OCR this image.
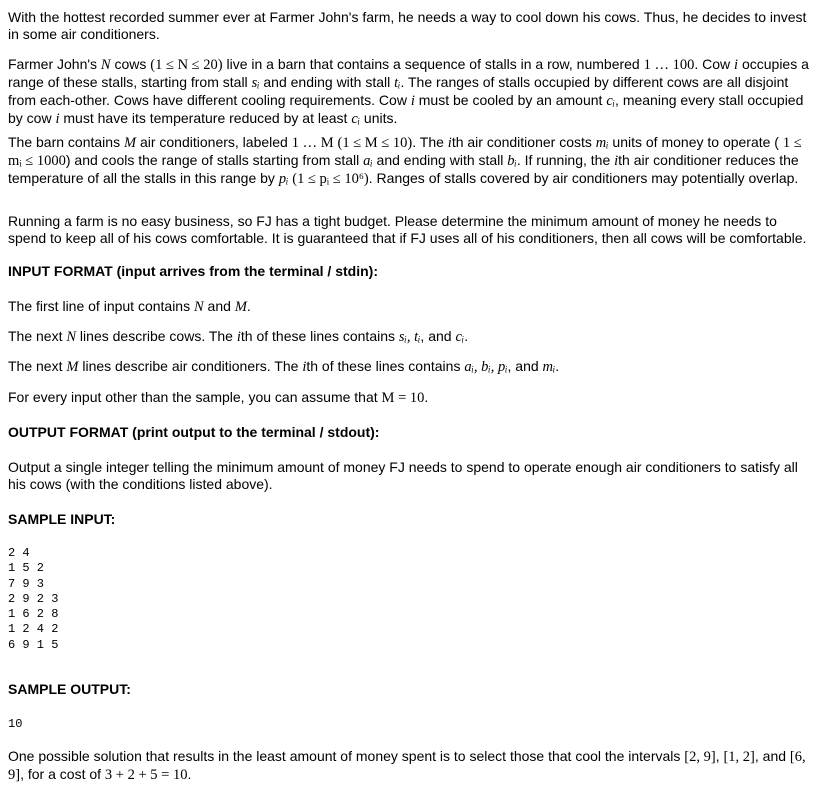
With the hottest recorded summer ever at Farmer John's farm, he needs a way to cool down his cows. Thus, he decides to invest in some air conditioners.

Farmer John's N cows (1 ≤ N ≤ 20) live in a barn that contains a sequence of stalls in a row, numbered 1 … 100. Cow i occupies a range of these stalls, starting from stall sᵢ and ending with stall tᵢ. The ranges of stalls occupied by different cows are all disjoint from each-other. Cows have different cooling requirements. Cow i must be cooled by an amount cᵢ, meaning every stall occupied by cow i must have its temperature reduced by at least cᵢ units.

The barn contains M air conditioners, labeled 1 … M (1 ≤ M ≤ 10). The ith air conditioner costs mᵢ units of money to operate ( 1 ≤ mᵢ ≤ 1000) and cools the range of stalls starting from stall aᵢ and ending with stall bᵢ. If running, the ith air conditioner reduces the temperature of all the stalls in this range by pᵢ (1 ≤ pᵢ ≤ 10⁶). Ranges of stalls covered by air conditioners may potentially overlap.

Running a farm is no easy business, so FJ has a tight budget. Please determine the minimum amount of money he needs to spend to keep all of his cows comfortable. It is guaranteed that if FJ uses all of his conditioners, then all cows will be comfortable.

INPUT FORMAT (input arrives from the terminal / stdin):

The first line of input contains N and M.

The next N lines describe cows. The ith of these lines contains sᵢ, tᵢ, and cᵢ.

The next M lines describe air conditioners. The ith of these lines contains aᵢ, bᵢ, pᵢ, and mᵢ.

For every input other than the sample, you can assume that M = 10.

OUTPUT FORMAT (print output to the terminal / stdout):

Output a single integer telling the minimum amount of money FJ needs to spend to operate enough air conditioners to satisfy all his cows (with the conditions listed above).

SAMPLE INPUT:

2 4
1 5 2
7 9 3
2 9 2 3
1 6 2 8
1 2 4 2
6 9 1 5

SAMPLE OUTPUT:

10

One possible solution that results in the least amount of money spent is to select those that cool the intervals [2, 9], [1, 2], and [6, 9], for a cost of 3 + 2 + 5 = 10.
